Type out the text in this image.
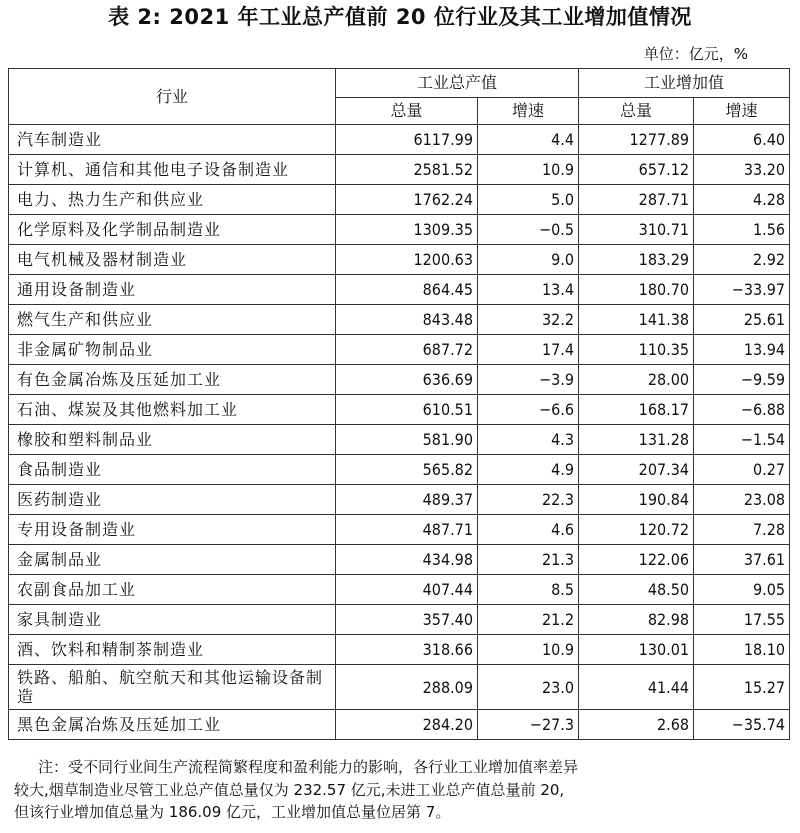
表 2: 2021 年工业总产值前 20 位行业及其工业增加值情况
单位：亿元，%
行业	工业总产值		工业增加值	
	总量	增速	总量	增速
汽车制造业	6117.99	4.4	1277.89	6.40
计算机、通信和其他电子设备制造业	2581.52	10.9	657.12	33.20
电力、热力生产和供应业	1762.24	5.0	287.71	4.28
化学原料及化学制品制造业	1309.35	−0.5	310.71	1.56
电气机械及器材制造业	1200.63	9.0	183.29	2.92
通用设备制造业	864.45	13.4	180.70	−33.97
燃气生产和供应业	843.48	32.2	141.38	25.61
非金属矿物制品业	687.72	17.4	110.35	13.94
有色金属冶炼及压延加工业	636.69	−3.9	28.00	−9.59
石油、煤炭及其他燃料加工业	610.51	−6.6	168.17	−6.88
橡胶和塑料制品业	581.90	4.3	131.28	−1.54
食品制造业	565.82	4.9	207.34	0.27
医药制造业	489.37	22.3	190.84	23.08
专用设备制造业	487.71	4.6	120.72	7.28
金属制品业	434.98	21.3	122.06	37.61
农副食品加工业	407.44	8.5	48.50	9.05
家具制造业	357.40	21.2	82.98	17.55
酒、饮料和精制茶制造业	318.66	10.9	130.01	18.10
铁路、船舶、航空航天和其他运输设备制造	288.09	23.0	41.44	15.27
黑色金属冶炼及压延加工业	284.20	−27.3	2.68	−35.74

注：受不同行业间生产流程简繁程度和盈利能力的影响，各行业工业增加值率差异

较大,烟草制造业尽管工业总产值总量仅为 232.57 亿元,未进工业总产值总量前 20,

但该行业增加值总量为 186.09 亿元，工业增加值总量位居第 7。
